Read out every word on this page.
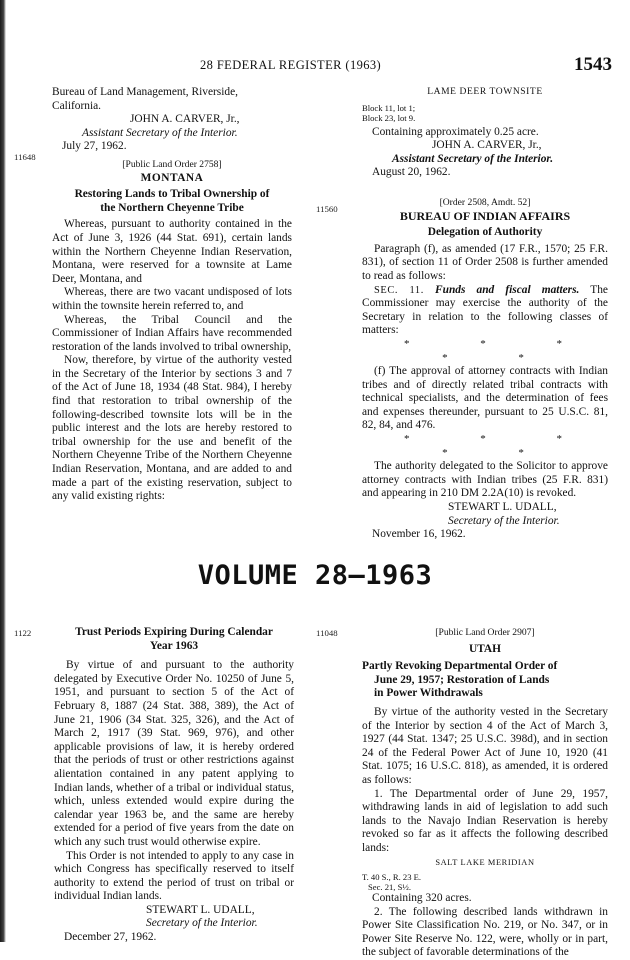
28 FEDERAL REGISTER (1963)	1543

Bureau of Land Management, Riverside,

California.

JOHN A. CARVER, Jr.,

Assistant Secretary of the Interior.

July 27, 1962.

[Public Land Order 2758]

MONTANA

Restoring Lands to Tribal Ownership of

the Northern Cheyenne Tribe

Whereas, pursuant to authority contained in the Act of June 3, 1926 (44 Stat. 691), certain lands within the Northern Cheyenne Indian Reservation, Montana, were reserved for a townsite at Lame Deer, Montana, and

Whereas, there are two vacant undisposed of lots within the townsite herein referred to, and

Whereas, the Tribal Council and the Commissioner of Indian Affairs have recommended restoration of the lands involved to tribal ownership,

Now, therefore, by virtue of the authority vested in the Secretary of the Interior by sections 3 and 7 of the Act of June 18, 1934 (48 Stat. 984), I hereby find that restoration to tribal ownership of the following-described townsite lots will be in the public interest and the lots are hereby restored to tribal ownership for the use and benefit of the Northern Cheyenne Tribe of the Northern Cheyenne Indian Reservation, Montana, and are added to and made a part of the existing reservation, subject to any valid existing rights:

11648

LAME DEER TOWNSITE

Block 11, lot 1;

Block 23, lot 9.

Containing approximately 0.25 acre.

JOHN A. CARVER, Jr.,

Assistant Secretary of the Interior.

August 20, 1962.

[Order 2508, Amdt. 52]

BUREAU OF INDIAN AFFAIRS

Delegation of Authority

Paragraph (f), as amended (17 F.R., 1570; 25 F.R. 831), of section 11 of Order 2508 is further amended to read as follows:

SEC. 11. Funds and fiscal matters. The Commissioner may exercise the authority of the Secretary in relation to the following classes of matters:

* * * * *

(f) The approval of attorney contracts with Indian tribes and of directly related tribal contracts with technical specialists, and the determination of fees and expenses thereunder, pursuant to 25 U.S.C. 81, 82, 84, and 476.

* * * * *

The authority delegated to the Solicitor to approve attorney contracts with Indian tribes (25 F.R. 831) and appearing in 210 DM 2.2A(10) is revoked.

STEWART L. UDALL,

Secretary of the Interior.

November 16, 1962.

11560
VOLUME 28—1963

Trust Periods Expiring During Calendar

Year 1963

By virtue of and pursuant to the authority delegated by Executive Order No. 10250 of June 5, 1951, and pursuant to section 5 of the Act of February 8, 1887 (24 Stat. 388, 389), the Act of June 21, 1906 (34 Stat. 325, 326), and the Act of March 2, 1917 (39 Stat. 969, 976), and other applicable provisions of law, it is hereby ordered that the periods of trust or other restrictions against alientation contained in any patent applying to Indian lands, whether of a tribal or individual status, which, unless extended would expire during the calendar year 1963 be, and the same are hereby extended for a period of five years from the date on which any such trust would otherwise expire.

This Order is not intended to apply to any case in which Congress has specifically reserved to itself authority to extend the period of trust on tribal or individual Indian lands.

STEWART L. UDALL,

Secretary of the Interior.

December 27, 1962.

1122	[Public Land Order 2907]

UTAH

Partly Revoking Departmental Order of

June 29, 1957; Restoration of Lands

in Power Withdrawals

By virtue of the authority vested in the Secretary of the Interior by section 4 of the Act of March 3, 1927 (44 Stat. 1347; 25 U.S.C. 398d), and in section 24 of the Federal Power Act of June 10, 1920 (41 Stat. 1075; 16 U.S.C. 818), as amended, it is ordered as follows:

1. The Departmental order of June 29, 1957, withdrawing lands in aid of legislation to add such lands to the Navajo Indian Reservation is hereby revoked so far as it affects the following described lands:

SALT LAKE MERIDIAN

T. 40 S., R. 23 E.

Sec. 21, S½.

Containing 320 acres.

2. The following described lands withdrawn in Power Site Classification No. 219, or No. 347, or in Power Site Reserve No. 122, were, wholly or in part, the subject of favorable determinations of the

11048
